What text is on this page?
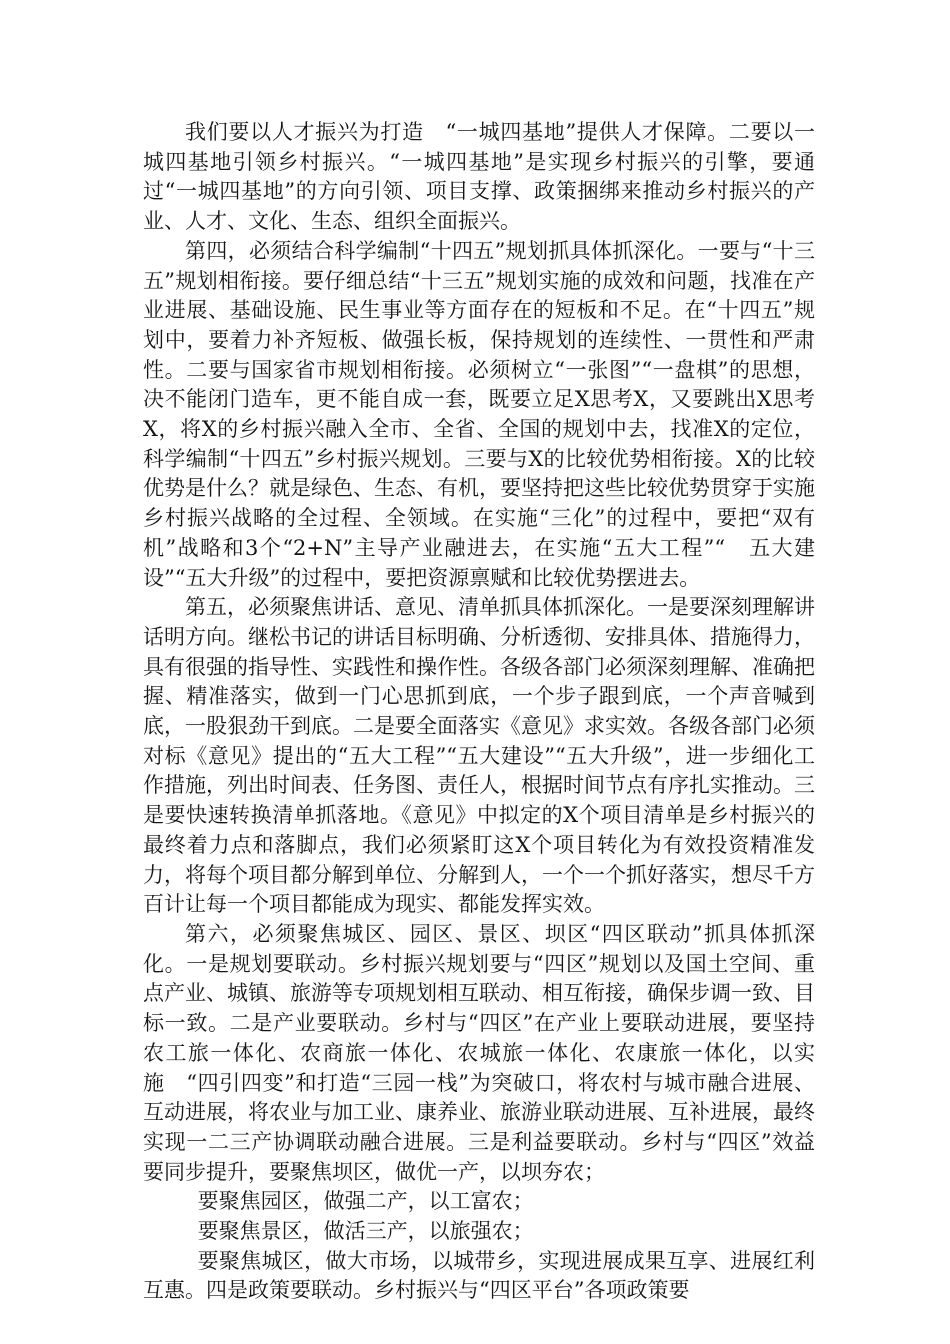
我们要以人才振兴为打造　“一城四基地”提供人才保障。二要以一城四基地引领乡村振兴。“一城四基地”是实现乡村振兴的引擎，要通过“一城四基地”的方向引领、项目支撑、政策捆绑来推动乡村振兴的产业、人才、文化、生态、组织全面振兴。

第四，必须结合科学编制“十四五”规划抓具体抓深化。一要与“十三五”规划相衔接。要仔细总结“十三五”规划实施的成效和问题，找准在产业进展、基础设施、民生事业等方面存在的短板和不足。在“十四五”规划中，要着力补齐短板、做强长板，保持规划的连续性、一贯性和严肃性。二要与国家省市规划相衔接。必须树立“一张图”“一盘棋”的思想，决不能闭门造车，更不能自成一套，既要立足X思考X，又要跳出X思考X，将X的乡村振兴融入全市、全省、全国的规划中去，找准X的定位，科学编制“十四五”乡村振兴规划。三要与X的比较优势相衔接。X的比较优势是什么？就是绿色、生态、有机，要坚持把这些比较优势贯穿于实施乡村振兴战略的全过程、全领域。在实施“三化”的过程中，要把“双有机”战略和3个“2+N”主导产业融进去，在实施“五大工程”“　五大建设”“五大升级”的过程中，要把资源禀赋和比较优势摆进去。

第五，必须聚焦讲话、意见、清单抓具体抓深化。一是要深刻理解讲话明方向。继松书记的讲话目标明确、分析透彻、安排具体、措施得力，具有很强的指导性、实践性和操作性。各级各部门必须深刻理解、准确把握、精准落实，做到一门心思抓到底，一个步子跟到底，一个声音喊到底，一股狠劲干到底。二是要全面落实《意见》求实效。各级各部门必须对标《意见》提出的“五大工程”“五大建设”“五大升级”，进一步细化工作措施，列出时间表、任务图、责任人，根据时间节点有序扎实推动。三是要快速转换清单抓落地。《意见》中拟定的X个项目清单是乡村振兴的最终着力点和落脚点，我们必须紧盯这X个项目转化为有效投资精准发力，将每个项目都分解到单位、分解到人，一个一个抓好落实，想尽千方百计让每一个项目都能成为现实、都能发挥实效。

第六，必须聚焦城区、园区、景区、坝区“四区联动”抓具体抓深化。一是规划要联动。乡村振兴规划要与“四区”规划以及国土空间、重点产业、城镇、旅游等专项规划相互联动、相互衔接，确保步调一致、目标一致。二是产业要联动。乡村与“四区”在产业上要联动进展，要坚持农工旅一体化、农商旅一体化、农城旅一体化、农康旅一体化，以实施　“四引四变”和打造“三园一栈”为突破口，将农村与城市融合进展、互动进展，将农业与加工业、康养业、旅游业联动进展、互补进展，最终实现一二三产协调联动融合进展。三是利益要联动。乡村与“四区”效益要同步提升，要聚焦坝区，做优一产，以坝夯农；

要聚焦园区，做强二产，以工富农；

要聚焦景区，做活三产，以旅强农；

要聚焦城区，做大市场，以城带乡，实现进展成果互享、进展红利互惠。四是政策要联动。乡村振兴与“四区平台”各项政策要
